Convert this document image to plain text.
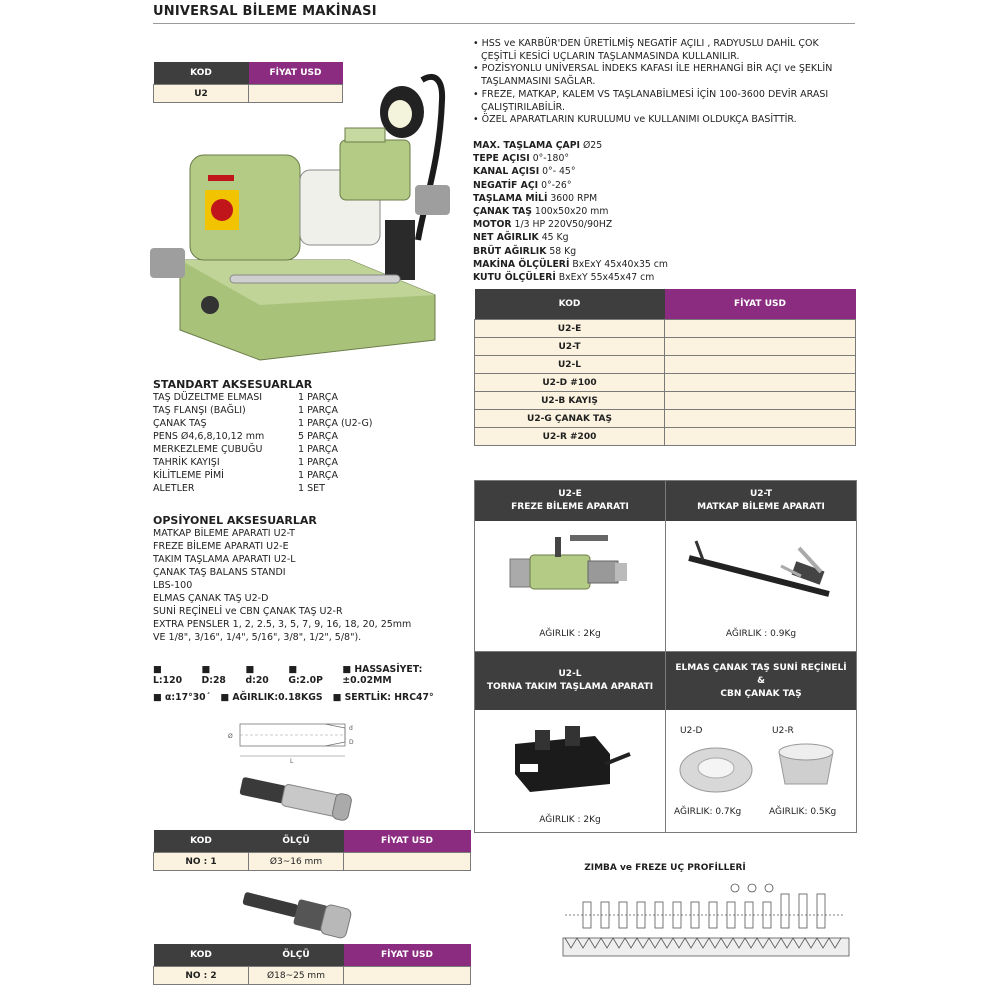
UNIVERSAL BİLEME MAKİNASI
KOD	FİYAT USD
U2	
• HSS ve KARBÜR'DEN ÜRETİLMİŞ NEGATİF AÇILI , RADYUSLU DAHİL ÇOK ÇEŞİTLİ KESİCİ UÇLARIN TAŞLANMASINDA KULLANILIR.
• POZİSYONLU UNİVERSAL İNDEKS KAFASI İLE HERHANGİ BİR AÇI ve ŞEKLİN TAŞLANMASINI SAĞLAR.
• FREZE, MATKAP, KALEM VS TAŞLANABİLMESİ İÇİN 100-3600 DEVİR ARASI ÇALIŞTIRILABİLİR.
• ÖZEL APARATLARIN KURULUMU ve KULLANIMI OLDUKÇA BASİTTİR.
MAX. TAŞLAMA ÇAPI Ø25
TEPE AÇISI 0°-180°
KANAL AÇISI 0°- 45°
NEGATİF AÇI 0°-26°
TAŞLAMA MİLİ 3600 RPM
ÇANAK TAŞ 100x50x20 mm
MOTOR 1/3 HP 220V50/90HZ
NET AĞIRLIK 45 Kg
BRÜT AĞIRLIK 58 Kg
MAKİNA ÖLÇÜLERİ BxExY 45x40x35 cm
KUTU ÖLÇÜLERİ BxExY 55x45x47 cm
KOD	FİYAT USD
U2-E	
U2-T	
U2-L	
U2-D #100	
U2-B KAYIŞ	
U2-G ÇANAK TAŞ	
U2-R #200	
STANDART AKSESUARLAR
TAŞ DÜZELTME ELMASI	1 PARÇA
TAŞ FLANŞI (BAĞLI)	1 PARÇA
ÇANAK TAŞ	1 PARÇA (U2-G)
PENS Ø4,6,8,10,12 mm	5 PARÇA
MERKEZLEME ÇUBUĞU	1 PARÇA
TAHRİK KAYIŞI	1 PARÇA
KİLİTLEME PİMİ	1 PARÇA
ALETLER	1 SET
OPSİYONEL AKSESUARLAR
MATKAP BİLEME APARATI U2-T
FREZE BİLEME APARATI U2-E
TAKIM TAŞLAMA APARATI U2-L
ÇANAK TAŞ BALANS STANDI
LBS-100
ELMAS ÇANAK TAŞ U2-D
SUNİ REÇİNELİ ve CBN ÇANAK TAŞ U2-R
EXTRA PENSLER 1, 2, 2.5, 3, 5, 7, 9, 16, 18, 20, 25mm
VE 1/8", 3/16", 1/4", 5/16", 3/8", 1/2", 5/8").
■ L:120
■ D:28
■ d:20
■ G:2.0P
■ HASSASİYET: ±0.02MM
■ α:17°30´ ■ AĞIRLIK:0.18KGS ■ SERTLİK: HRC47°
Ø
L
d
D
KOD	ÖLÇÜ	FİYAT USD
NO : 1	Ø3~16 mm	
KOD	ÖLÇÜ	FİYAT USD
NO : 2	Ø18~25 mm	
U2-E
FREZE BİLEME APARATI
AĞIRLIK : 2Kg
U2-T
MATKAP BİLEME APARATI
AĞIRLIK : 0.9Kg
U2-L
TORNA TAKIM TAŞLAMA APARATI
AĞIRLIK : 2Kg
ELMAS ÇANAK TAŞ SUNİ REÇİNELİ
&
CBN ÇANAK TAŞ
U2-D	U2-R
AĞIRLIK: 0.7Kg	AĞIRLIK: 0.5Kg
ZIMBA ve FREZE UÇ PROFİLLERİ
